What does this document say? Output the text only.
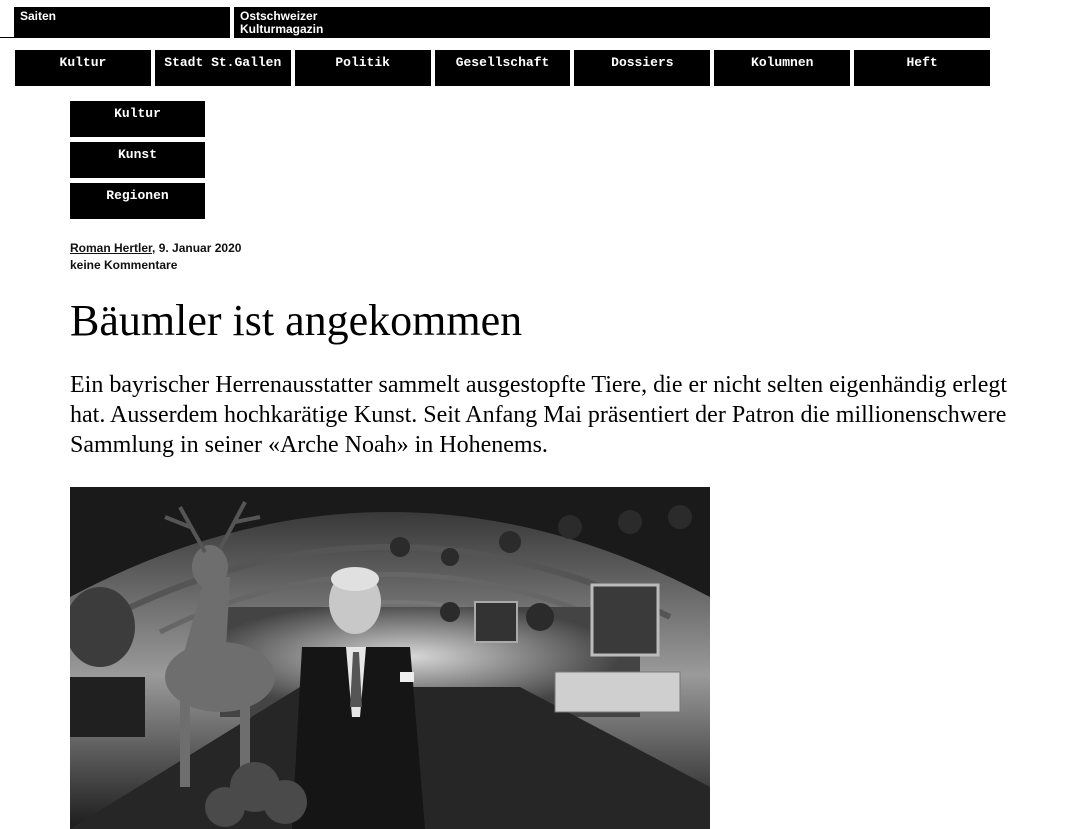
Saiten	Ostschweizer
Kulturmagazin
Kultur	Stadt St.Gallen	Politik	Gesellschaft	Dossiers	Kolumnen	Heft
Kultur
Kunst
Regionen
Roman Hertler, 9. Januar 2020
keine Kommentare
Bäumler ist angekommen

Ein bayrischer Herrenausstatter sammelt ausgestopfte Tiere, die er nicht selten eigenhändig erlegt hat. Ausserdem hochkarätige Kunst. Seit Anfang Mai präsentiert der Patron die millionenschwere Sammlung in seiner «Arche Noah» in Hohenems.
